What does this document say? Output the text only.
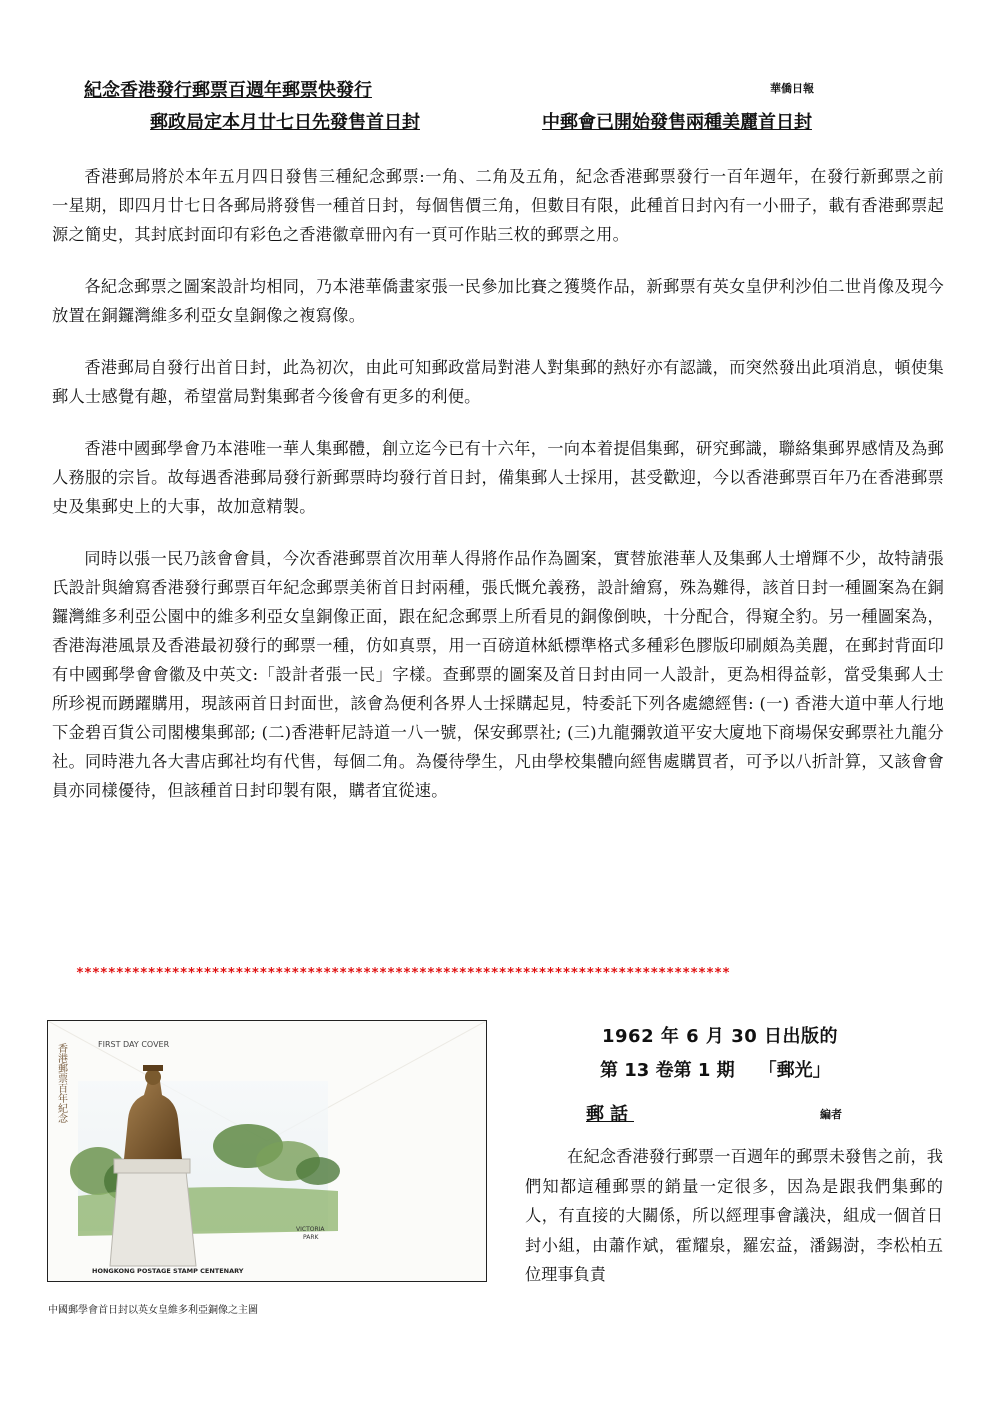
紀念香港發行郵票百週年郵票快發行	華僑日報
郵政局定本月廿七日先發售首日封	中郵會已開始發售兩種美麗首日封

香港郵局將於本年五月四日發售三種紀念郵票:一角、二角及五角，紀念香港郵票發行一百年週年，在發行新郵票之前一星期，即四月廿七日各郵局將發售一種首日封，每個售價三角，但數目有限，此種首日封內有一小冊子，載有香港郵票起源之簡史，其封底封面印有彩色之香港徽章冊內有一頁可作貼三枚的郵票之用。

各紀念郵票之圖案設計均相同，乃本港華僑畫家張一民參加比賽之獲獎作品，新郵票有英女皇伊利沙伯二世肖像及現今放置在銅鑼灣維多利亞女皇銅像之複寫像。

香港郵局自發行出首日封，此為初次，由此可知郵政當局對港人對集郵的熱好亦有認識，而突然發出此項消息，頓使集郵人士感覺有趣，希望當局對集郵者今後會有更多的利便。

香港中國郵學會乃本港唯一華人集郵體，創立迄今已有十六年，一向本着提倡集郵，研究郵識，聯絡集郵界感情及為郵人務服的宗旨。故每遇香港郵局發行新郵票時均發行首日封，備集郵人士採用，甚受歡迎，今以香港郵票百年乃在香港郵票史及集郵史上的大事，故加意精製。

同時以張一民乃該會會員，今次香港郵票首次用華人得將作品作為圖案，實替旅港華人及集郵人士增輝不少，故特請張氏設計與繪寫香港發行郵票百年紀念郵票美術首日封兩種，張氏慨允義務，設計繪寫，殊為難得，該首日封一種圖案為在銅鑼灣維多利亞公園中的維多利亞女皇銅像正面，跟在紀念郵票上所看見的銅像倒映，十分配合，得窺全豹。另一種圖案為，香港海港風景及香港最初發行的郵票一種，仿如真票，用一百磅道林紙標準格式多種彩色膠版印刷頗為美麗，在郵封背面印有中國郵學會會徽及中英文:「設計者張一民」字樣。查郵票的圖案及首日封由同一人設計，更為相得益彰，當受集郵人士所珍視而踴躍購用，現該兩首日封面世，該會為便利各界人士採購起見，特委託下列各處總經售: (一) 香港大道中華人行地下金碧百貨公司閣樓集郵部; (二)香港軒尼詩道一八一號，保安郵票社; (三)九龍彌敦道平安大廈地下商場保安郵票社九龍分社。同時港九各大書店郵社均有代售，每個二角。為優待學生，凡由學校集體向經售處購買者，可予以八折計算，又該會會員亦同樣優待，但該種首日封印製有限，購者宜從速。

**********************************************************************************
香港郵票百年紀念	FIRST DAY COVER
VICTORIA
PARK
HONGKONG POSTAGE STAMP CENTENARY
中國郵學會首日封以英女皇維多利亞銅像之主圖
1962 年 6 月 30 日出版的
第 13 卷第 1 期 「郵光」
郵話	編者

在紀念香港發行郵票一百週年的郵票未發售之前，我們知都這種郵票的銷量一定很多，因為是跟我們集郵的人，有直接的大關係，所以經理事會議決，組成一個首日封小組，由蕭作斌，霍耀泉，羅宏益，潘錫澍，李松柏五位理事負責
